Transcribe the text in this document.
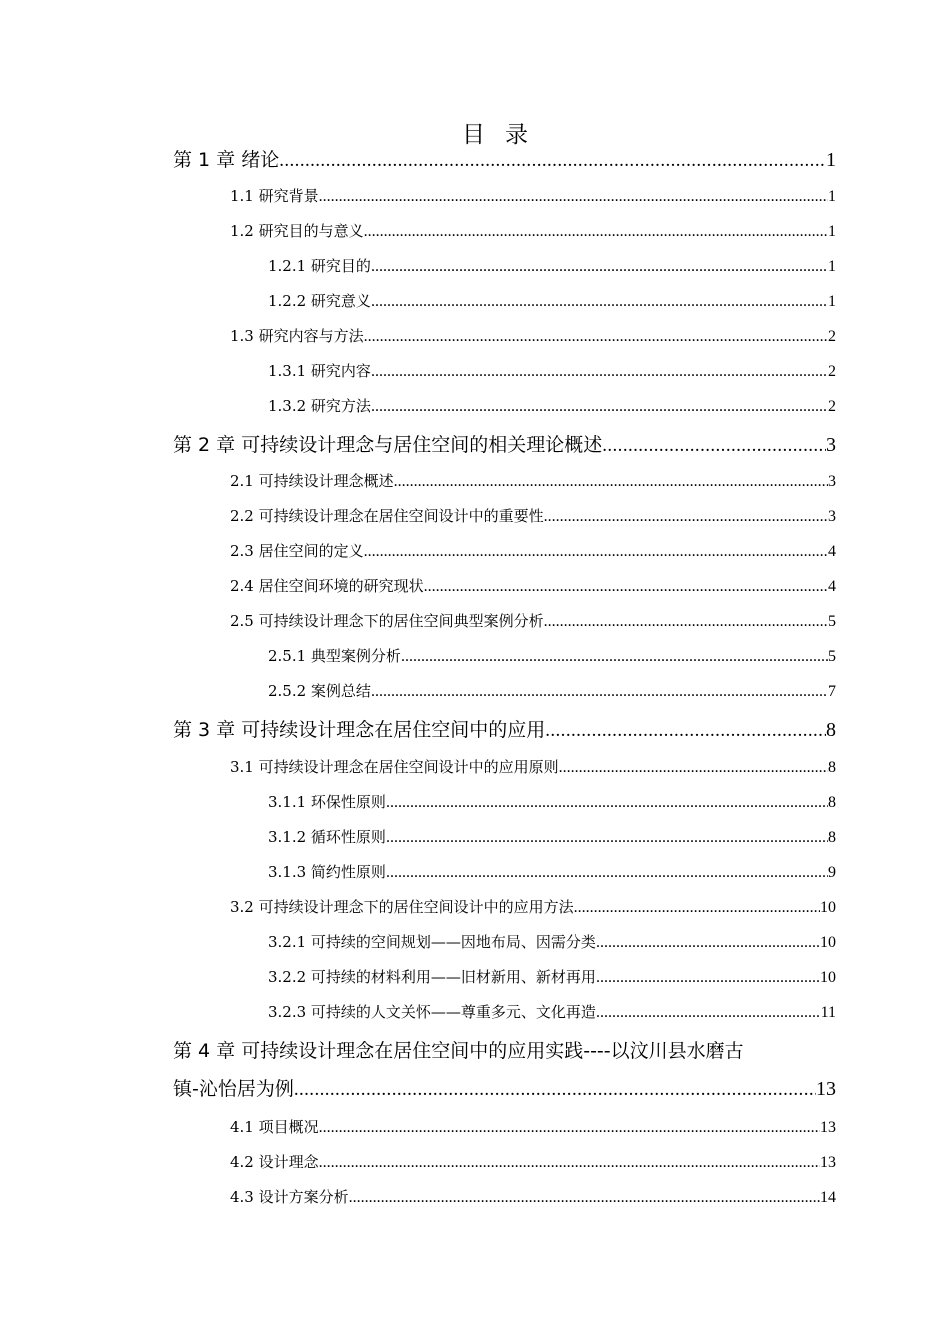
目录
第 1 章 绪论 .....	1
1.1 研究背景 .....	1
1.2 研究目的与意义 .....	1
1.2.1 研究目的 .....	1
1.2.2 研究意义 .....	1
1.3 研究内容与方法 .....	2
1.3.1 研究内容 .....	2
1.3.2 研究方法 .....	2
第 2 章 可持续设计理念与居住空间的相关理论概述 .....	3
2.1 可持续设计理念概述 .....	3
2.2 可持续设计理念在居住空间设计中的重要性 .....	3
2.3 居住空间的定义 .....	4
2.4 居住空间环境的研究现状 .....	4
2.5 可持续设计理念下的居住空间典型案例分析 .....	5
2.5.1 典型案例分析 .....	5
2.5.2 案例总结 .....	7
第 3 章 可持续设计理念在居住空间中的应用 .....	8
3.1 可持续设计理念在居住空间设计中的应用原则 .....	8
3.1.1 环保性原则 .....	8
3.1.2 循环性原则 .....	8
3.1.3 简约性原则 .....	9
3.2 可持续设计理念下的居住空间设计中的应用方法 .....	10
3.2.1 可持续的空间规划——因地布局、因需分类 .....	10
3.2.2 可持续的材料利用——旧材新用、新材再用 .....	10
3.2.3 可持续的人文关怀——尊重多元、文化再造 .....	11
第 4 章 可持续设计理念在居住空间中的应用实践----以汶川县水磨古
镇-沁怡居为例 .....	13
4.1 项目概况 .....	13
4.2 设计理念 .....	13
4.3 设计方案分析 .....	14
